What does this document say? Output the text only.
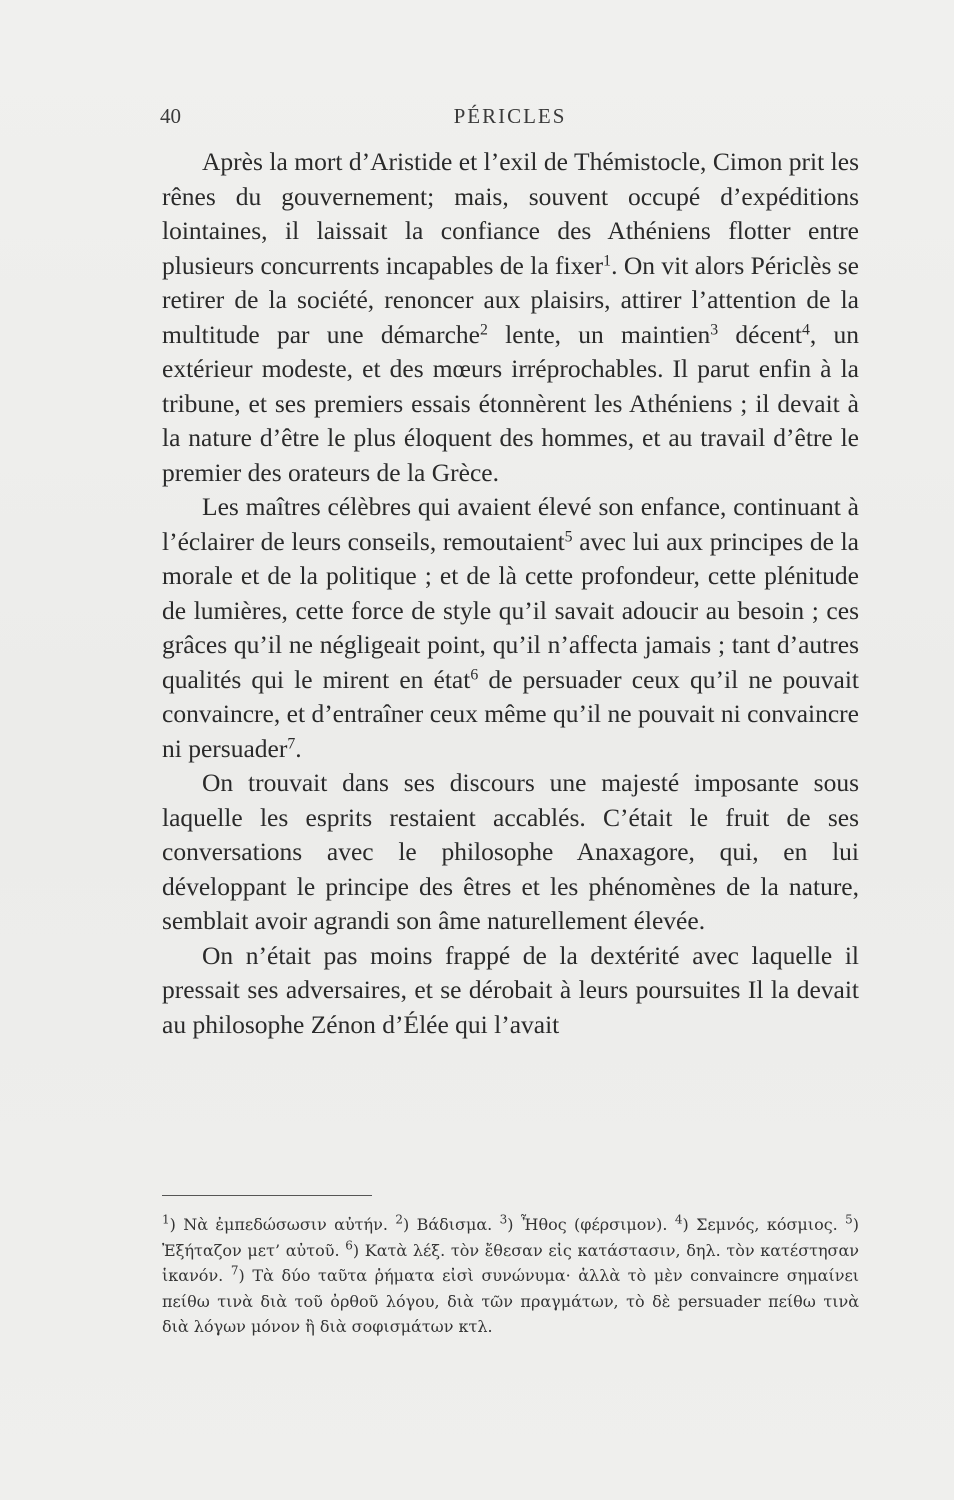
40	PÉRICLES

Après la mort d’Aristide et l’exil de Thémistocle, Cimon prit les rênes du gouvernement; mais, souvent occupé d’expéditions lointaines, il laissait la confiance des Athéniens flotter entre plusieurs concurrents incapables de la fixer$^1$. On vit alors Périclès se retirer de la société, renoncer aux plaisirs, attirer l’attention de la multitude par une démarche$^2$ lente, un maintien$^3$ décent$^4$, un extérieur modeste, et des mœurs irréprochables. Il parut enfin à la tribune, et ses premiers essais étonnèrent les Athéniens ; il devait à la nature d’être le plus éloquent des hommes, et au travail d’être le premier des orateurs de la Grèce.

Les maîtres célèbres qui avaient élevé son enfance, continuant à l’éclairer de leurs conseils, remoutaient$^5$ avec lui aux principes de la morale et de la politique ; et de là cette profondeur, cette plénitude de lumières, cette force de style qu’il savait adoucir au besoin ; ces grâces qu’il ne négligeait point, qu’il n’affecta jamais ; tant d’autres qualités qui le mirent en état$^6$ de persuader ceux qu’il ne pouvait convaincre, et d’entraîner ceux même qu’il ne pouvait ni convaincre ni persuader$^7$.

On trouvait dans ses discours une majesté imposante sous laquelle les esprits restaient accablés. C’était le fruit de ses conversations avec le philosophe Anaxagore, qui, en lui développant le principe des êtres et les phénomènes de la nature, semblait avoir agrandi son âme naturellement élevée.

On n’était pas moins frappé de la dextérité avec laquelle il pressait ses adversaires, et se dérobait à leurs poursuites Il la devait au philosophe Zénon d’Élée qui l’avait

$^1$) Nὰ ἐμπεδώσωσιν αὐτήν. $^2$) Βάδισμα. $^3$) Ἦθος (φέρσιμον). $^4$) Σεμνός, κόσμιος. $^5$) Ἐξήταζον μετ’ αὐτοῦ. $^6$) Κατὰ λέξ. τὸν ἔθεσαν εἰς κατάστασιν, δηλ. τὸν κατέστησαν ἱκανόν. $^7$) Τὰ δύο ταῦτα ῥήματα εἰσὶ συνώνυμα· ἀλλὰ τὸ μὲν convaincre σημαίνει πείθω τινὰ διὰ τοῦ ὀρθοῦ λόγου, διὰ τῶν πραγμάτων, τὸ δὲ persuader πείθω τινὰ διὰ λόγων μόνον ἢ διὰ σοφισμάτων κτλ.
